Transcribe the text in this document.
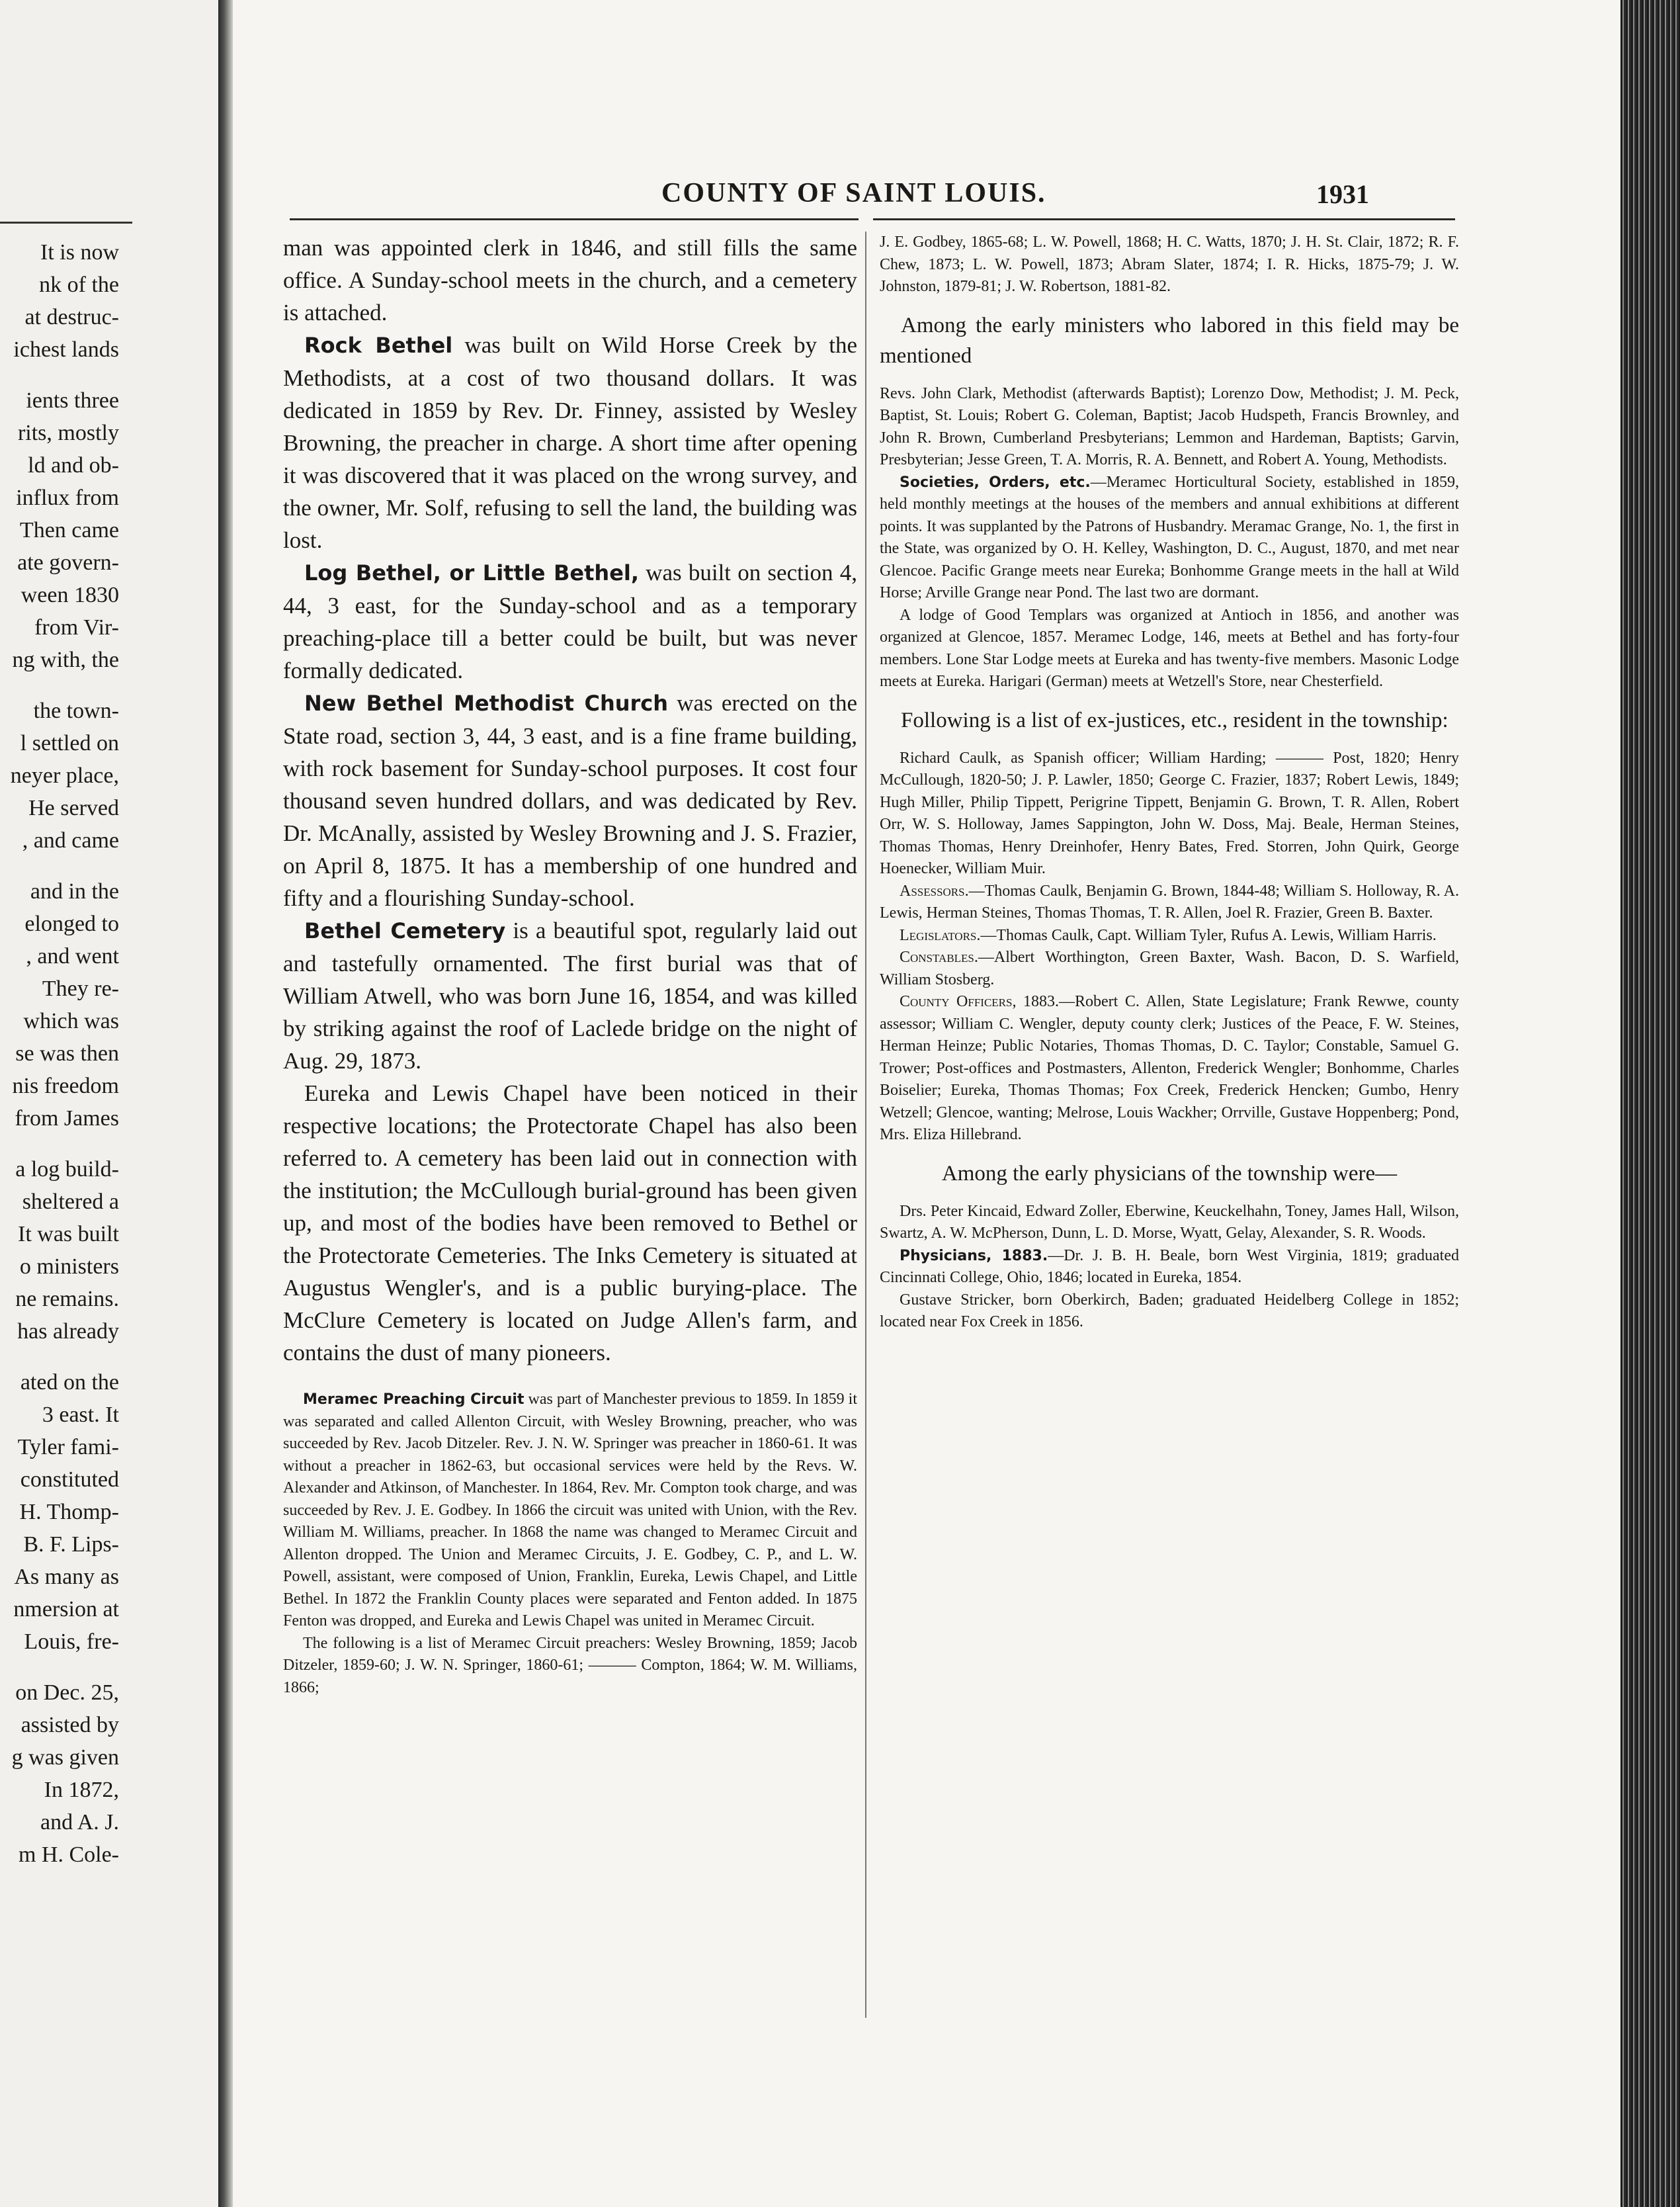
It is now
nk of the
at destruc-
ichest lands
ients three
rits, mostly
ld and ob-
influx from
Then came
ate govern-
ween 1830
from Vir-
ng with, the
the town-
l settled on
neyer place,
He served
, and came
and in the
elonged to
, and went
They re-
which was
se was then
nis freedom
from James
a log build-
sheltered a
It was built
o ministers
ne remains.
has already
ated on the
3 east. It
Tyler fami-
constituted
H. Thomp-
B. F. Lips-
As many as
nmersion at
Louis, fre-
on Dec. 25,
assisted by
g was given
In 1872,
and A. J.
m H. Cole-
COUNTY OF SAINT LOUIS.	1931

man was appointed clerk in 1846, and still fills the same office. A Sunday-school meets in the church, and a cemetery is attached.

Rock Bethel was built on Wild Horse Creek by the Methodists, at a cost of two thousand dollars. It was dedicated in 1859 by Rev. Dr. Finney, assisted by Wesley Browning, the preacher in charge. A short time after opening it was discovered that it was placed on the wrong survey, and the owner, Mr. Solf, refusing to sell the land, the building was lost.

Log Bethel, or Little Bethel, was built on section 4, 44, 3 east, for the Sunday-school and as a temporary preaching-place till a better could be built, but was never formally dedicated.

New Bethel Methodist Church was erected on the State road, section 3, 44, 3 east, and is a fine frame building, with rock basement for Sunday-school purposes. It cost four thousand seven hundred dollars, and was dedicated by Rev. Dr. McAnally, assisted by Wesley Browning and J. S. Frazier, on April 8, 1875. It has a membership of one hundred and fifty and a flourishing Sunday-school.

Bethel Cemetery is a beautiful spot, regularly laid out and tastefully ornamented. The first burial was that of William Atwell, who was born June 16, 1854, and was killed by striking against the roof of Laclede bridge on the night of Aug. 29, 1873.

Eureka and Lewis Chapel have been noticed in their respective locations; the Protectorate Chapel has also been referred to. A cemetery has been laid out in connection with the institution; the McCullough burial-ground has been given up, and most of the bodies have been removed to Bethel or the Protectorate Cemeteries. The Inks Cemetery is situated at Augustus Wengler's, and is a public burying-place. The McClure Cemetery is located on Judge Allen's farm, and contains the dust of many pioneers.

Meramec Preaching Circuit was part of Manchester previous to 1859. In 1859 it was separated and called Allenton Circuit, with Wesley Browning, preacher, who was succeeded by Rev. Jacob Ditzeler. Rev. J. N. W. Springer was preacher in 1860-61. It was without a preacher in 1862-63, but occasional services were held by the Revs. W. Alexander and Atkinson, of Manchester. In 1864, Rev. Mr. Compton took charge, and was succeeded by Rev. J. E. Godbey. In 1866 the circuit was united with Union, with the Rev. William M. Williams, preacher. In 1868 the name was changed to Meramec Circuit and Allenton dropped. The Union and Meramec Circuits, J. E. Godbey, C. P., and L. W. Powell, assistant, were composed of Union, Franklin, Eureka, Lewis Chapel, and Little Bethel. In 1872 the Franklin County places were separated and Fenton added. In 1875 Fenton was dropped, and Eureka and Lewis Chapel was united in Meramec Circuit.

The following is a list of Meramec Circuit preachers: Wesley Browning, 1859; Jacob Ditzeler, 1859-60; J. W. N. Springer, 1860-61; ——— Compton, 1864; W. M. Williams, 1866;

J. E. Godbey, 1865-68; L. W. Powell, 1868; H. C. Watts, 1870; J. H. St. Clair, 1872; R. F. Chew, 1873; L. W. Powell, 1873; Abram Slater, 1874; I. R. Hicks, 1875-79; J. W. Johnston, 1879-81; J. W. Robertson, 1881-82.

Among the early ministers who labored in this field may be mentioned

Revs. John Clark, Methodist (afterwards Baptist); Lorenzo Dow, Methodist; J. M. Peck, Baptist, St. Louis; Robert G. Coleman, Baptist; Jacob Hudspeth, Francis Brownley, and John R. Brown, Cumberland Presbyterians; Lemmon and Hardeman, Baptists; Garvin, Presbyterian; Jesse Green, T. A. Morris, R. A. Bennett, and Robert A. Young, Methodists.

Societies, Orders, etc.—Meramec Horticultural Society, established in 1859, held monthly meetings at the houses of the members and annual exhibitions at different points. It was supplanted by the Patrons of Husbandry. Meramac Grange, No. 1, the first in the State, was organized by O. H. Kelley, Washington, D. C., August, 1870, and met near Glencoe. Pacific Grange meets near Eureka; Bonhomme Grange meets in the hall at Wild Horse; Arville Grange near Pond. The last two are dormant.

A lodge of Good Templars was organized at Antioch in 1856, and another was organized at Glencoe, 1857. Meramec Lodge, 146, meets at Bethel and has forty-four members. Lone Star Lodge meets at Eureka and has twenty-five members. Masonic Lodge meets at Eureka. Harigari (German) meets at Wetzell's Store, near Chesterfield.

Following is a list of ex-justices, etc., resident in the township:

Richard Caulk, as Spanish officer; William Harding; ——— Post, 1820; Henry McCullough, 1820-50; J. P. Lawler, 1850; George C. Frazier, 1837; Robert Lewis, 1849; Hugh Miller, Philip Tippett, Perigrine Tippett, Benjamin G. Brown, T. R. Allen, Robert Orr, W. S. Holloway, James Sappington, John W. Doss, Maj. Beale, Herman Steines, Thomas Thomas, Henry Dreinhofer, Henry Bates, Fred. Storren, John Quirk, George Hoenecker, William Muir.

Assessors.—Thomas Caulk, Benjamin G. Brown, 1844-48; William S. Holloway, R. A. Lewis, Herman Steines, Thomas Thomas, T. R. Allen, Joel R. Frazier, Green B. Baxter.

Legislators.—Thomas Caulk, Capt. William Tyler, Rufus A. Lewis, William Harris.

Constables.—Albert Worthington, Green Baxter, Wash. Bacon, D. S. Warfield, William Stosberg.

County Officers, 1883.—Robert C. Allen, State Legislature; Frank Rewwe, county assessor; William C. Wengler, deputy county clerk; Justices of the Peace, F. W. Steines, Herman Heinze; Public Notaries, Thomas Thomas, D. C. Taylor; Constable, Samuel G. Trower; Post-offices and Postmasters, Allenton, Frederick Wengler; Bonhomme, Charles Boiselier; Eureka, Thomas Thomas; Fox Creek, Frederick Hencken; Gumbo, Henry Wetzell; Glencoe, wanting; Melrose, Louis Wackher; Orrville, Gustave Hoppenberg; Pond, Mrs. Eliza Hillebrand.

Among the early physicians of the township were—

Drs. Peter Kincaid, Edward Zoller, Eberwine, Keuckelhahn, Toney, James Hall, Wilson, Swartz, A. W. McPherson, Dunn, L. D. Morse, Wyatt, Gelay, Alexander, S. R. Woods.

Physicians, 1883.—Dr. J. B. H. Beale, born West Virginia, 1819; graduated Cincinnati College, Ohio, 1846; located in Eureka, 1854.

Gustave Stricker, born Oberkirch, Baden; graduated Heidelberg College in 1852; located near Fox Creek in 1856.
